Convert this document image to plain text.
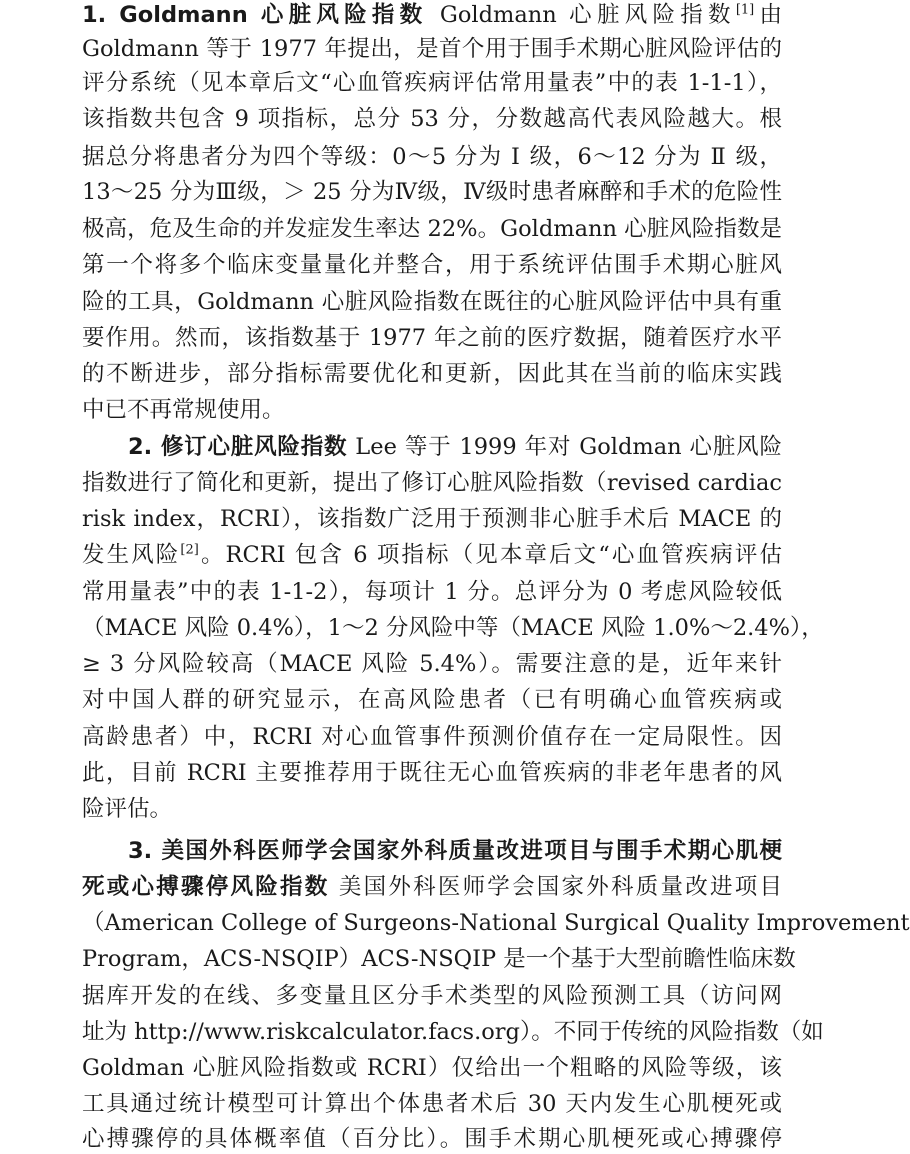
1. Goldmann 心脏风险指数 Goldmann 心脏风险指数[1]由
Goldmann 等于 1977 年提出，是首个用于围手术期心脏风险评估的
评分系统（见本章后文“心血管疾病评估常用量表”中的表 1-1-1），
该指数共包含 9 项指标，总分 53 分，分数越高代表风险越大。根
据总分将患者分为四个等级：0～5 分为 Ⅰ 级，6～12 分为 Ⅱ 级，
13～25 分为Ⅲ级，＞ 25 分为Ⅳ级，Ⅳ级时患者麻醉和手术的危险性
极高，危及生命的并发症发生率达 22%。Goldmann 心脏风险指数是
第一个将多个临床变量量化并整合，用于系统评估围手术期心脏风
险的工具，Goldmann 心脏风险指数在既往的心脏风险评估中具有重
要作用。然而，该指数基于 1977 年之前的医疗数据，随着医疗水平
的不断进步，部分指标需要优化和更新，因此其在当前的临床实践
中已不再常规使用。
2. 修订心脏风险指数 Lee 等于 1999 年对 Goldman 心脏风险
指数进行了简化和更新，提出了修订心脏风险指数（revised cardiac
risk index，RCRI），该指数广泛用于预测非心脏手术后 MACE 的
发生风险[2]。RCRI 包含 6 项指标（见本章后文“心血管疾病评估
常用量表”中的表 1-1-2），每项计 1 分。总评分为 0 考虑风险较低
（MACE 风险 0.4%），1～2 分风险中等（MACE 风险 1.0%～2.4%），
≥ 3 分风险较高（MACE 风险 5.4%）。需要注意的是，近年来针
对中国人群的研究显示，在高风险患者（已有明确心血管疾病或
高龄患者）中，RCRI 对心血管事件预测价值存在一定局限性。因
此，目前 RCRI 主要推荐用于既往无心血管疾病的非老年患者的风
险评估。
3. 美国外科医师学会国家外科质量改进项目与围手术期心肌梗
死或心搏骤停风险指数 美国外科医师学会国家外科质量改进项目
（American College of Surgeons-National Surgical Quality Improvement
Program，ACS-NSQIP）ACS-NSQIP 是一个基于大型前瞻性临床数
据库开发的在线、多变量且区分手术类型的风险预测工具（访问网
址为 http://www.riskcalculator.facs.org）。不同于传统的风险指数（如
Goldman 心脏风险指数或 RCRI）仅给出一个粗略的风险等级，该
工具通过统计模型可计算出个体患者术后 30 天内发生心肌梗死或
心搏骤停的具体概率值（百分比）。围手术期心肌梗死或心搏骤停
